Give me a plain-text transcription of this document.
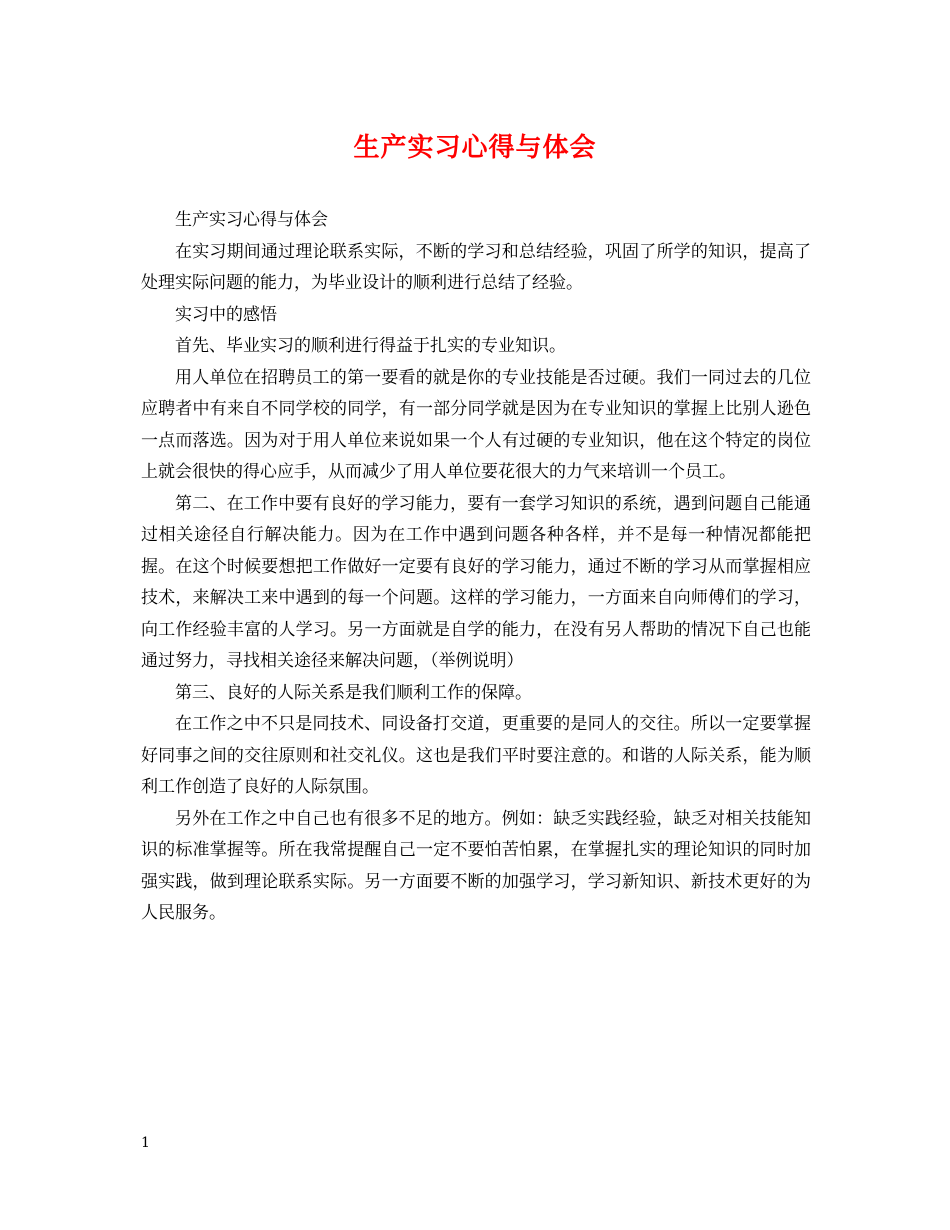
生产实习心得与体会

生产实习心得与体会

在实习期间通过理论联系实际，不断的学习和总结经验，巩固了所学的知识，提高了处理实际问题的能力，为毕业设计的顺利进行总结了经验。

实习中的感悟

首先、毕业实习的顺利进行得益于扎实的专业知识。

用人单位在招聘员工的第一要看的就是你的专业技能是否过硬。我们一同过去的几位应聘者中有来自不同学校的同学，有一部分同学就是因为在专业知识的掌握上比别人逊色一点而落选。因为对于用人单位来说如果一个人有过硬的专业知识，他在这个特定的岗位上就会很快的得心应手，从而减少了用人单位要花很大的力气来培训一个员工。

第二、在工作中要有良好的学习能力，要有一套学习知识的系统，遇到问题自己能通过相关途径自行解决能力。因为在工作中遇到问题各种各样，并不是每一种情况都能把握。在这个时候要想把工作做好一定要有良好的学习能力，通过不断的学习从而掌握相应技术，来解决工来中遇到的每一个问题。这样的学习能力，一方面来自向师傅们的学习，向工作经验丰富的人学习。另一方面就是自学的能力，在没有另人帮助的情况下自己也能通过努力，寻找相关途径来解决问题，（举例说明）

第三、良好的人际关系是我们顺利工作的保障。

在工作之中不只是同技术、同设备打交道，更重要的是同人的交往。所以一定要掌握好同事之间的交往原则和社交礼仪。这也是我们平时要注意的。和谐的人际关系，能为顺利工作创造了良好的人际氛围。

另外在工作之中自己也有很多不足的地方。例如：缺乏实践经验，缺乏对相关技能知识的标准掌握等。所在我常提醒自己一定不要怕苦怕累，在掌握扎实的理论知识的同时加强实践，做到理论联系实际。另一方面要不断的加强学习，学习新知识、新技术更好的为人民服务。

1
